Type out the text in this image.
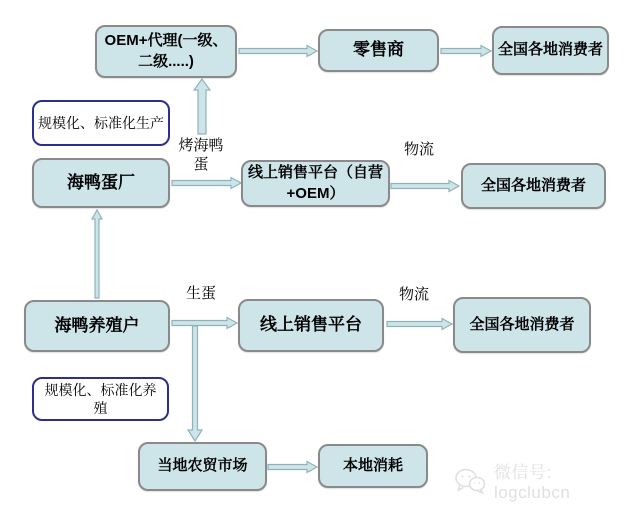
OEM+代理(一级、二级.....)
零售商	全国各地消费者
规模化、标准化生产
海鸭蛋厂	线上销售平台（自营+OEM）	全国各地消费者
海鸭养殖户	线上销售平台	全国各地消费者
规模化、标准化养殖
当地农贸市场	本地消耗
烤海鸭蛋
物流
生蛋	物流
微信号: logclubcn
